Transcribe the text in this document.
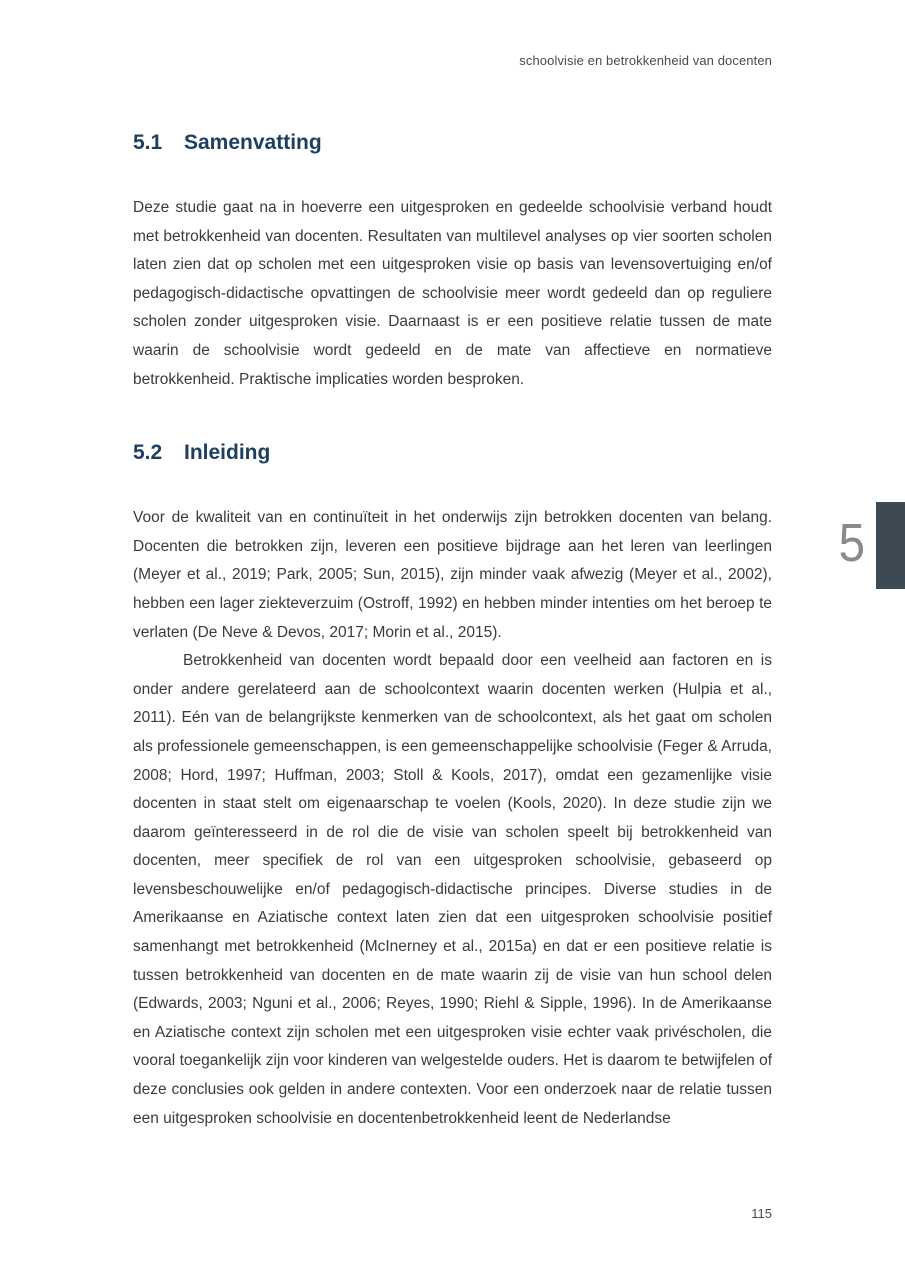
schoolvisie en betrokkenheid van docenten
5.1	Samenvatting

Deze studie gaat na in hoeverre een uitgesproken en gedeelde schoolvisie verband houdt met betrokkenheid van docenten. Resultaten van multilevel analyses op vier soorten scholen laten zien dat op scholen met een uitgesproken visie op basis van levensovertuiging en/of pedagogisch-didactische opvattingen de schoolvisie meer wordt gedeeld dan op reguliere scholen zonder uitgesproken visie. Daarnaast is er een positieve relatie tussen de mate waarin de schoolvisie wordt gedeeld en de mate van affectieve en normatieve betrokkenheid. Praktische implicaties worden besproken.

5.2	Inleiding

Voor de kwaliteit van en continuïteit in het onderwijs zijn betrokken docenten van belang. Docenten die betrokken zijn, leveren een positieve bijdrage aan het leren van leerlingen (Meyer et al., 2019; Park, 2005; Sun, 2015), zijn minder vaak afwezig (Meyer et al., 2002), hebben een lager ziekteverzuim (Ostroff, 1992) en hebben minder intenties om het beroep te verlaten (De Neve & Devos, 2017; Morin et al., 2015).

Betrokkenheid van docenten wordt bepaald door een veelheid aan factoren en is onder andere gerelateerd aan de schoolcontext waarin docenten werken (Hulpia et al., 2011). Eén van de belangrijkste kenmerken van de schoolcontext, als het gaat om scholen als professionele gemeenschappen, is een gemeenschappelijke schoolvisie (Feger & Arruda, 2008; Hord, 1997; Huffman, 2003; Stoll & Kools, 2017), omdat een gezamenlijke visie docenten in staat stelt om eigenaarschap te voelen (Kools, 2020). In deze studie zijn we daarom geïnteresseerd in de rol die de visie van scholen speelt bij betrokkenheid van docenten, meer specifiek de rol van een uitgesproken schoolvisie, gebaseerd op levensbeschouwelijke en/of pedagogisch-didactische principes. Diverse studies in de Amerikaanse en Aziatische context laten zien dat een uitgesproken schoolvisie positief samenhangt met betrokkenheid (McInerney et al., 2015a) en dat er een positieve relatie is tussen betrokkenheid van docenten en de mate waarin zij de visie van hun school delen (Edwards, 2003; Nguni et al., 2006; Reyes, 1990; Riehl & Sipple, 1996). In de Amerikaanse en Aziatische context zijn scholen met een uitgesproken visie echter vaak privéscholen, die vooral toegankelijk zijn voor kinderen van welgestelde ouders. Het is daarom te betwijfelen of deze conclusies ook gelden in andere contexten. Voor een onderzoek naar de relatie tussen een uitgesproken schoolvisie en docentenbetrokkenheid leent de Nederlandse

5
115
